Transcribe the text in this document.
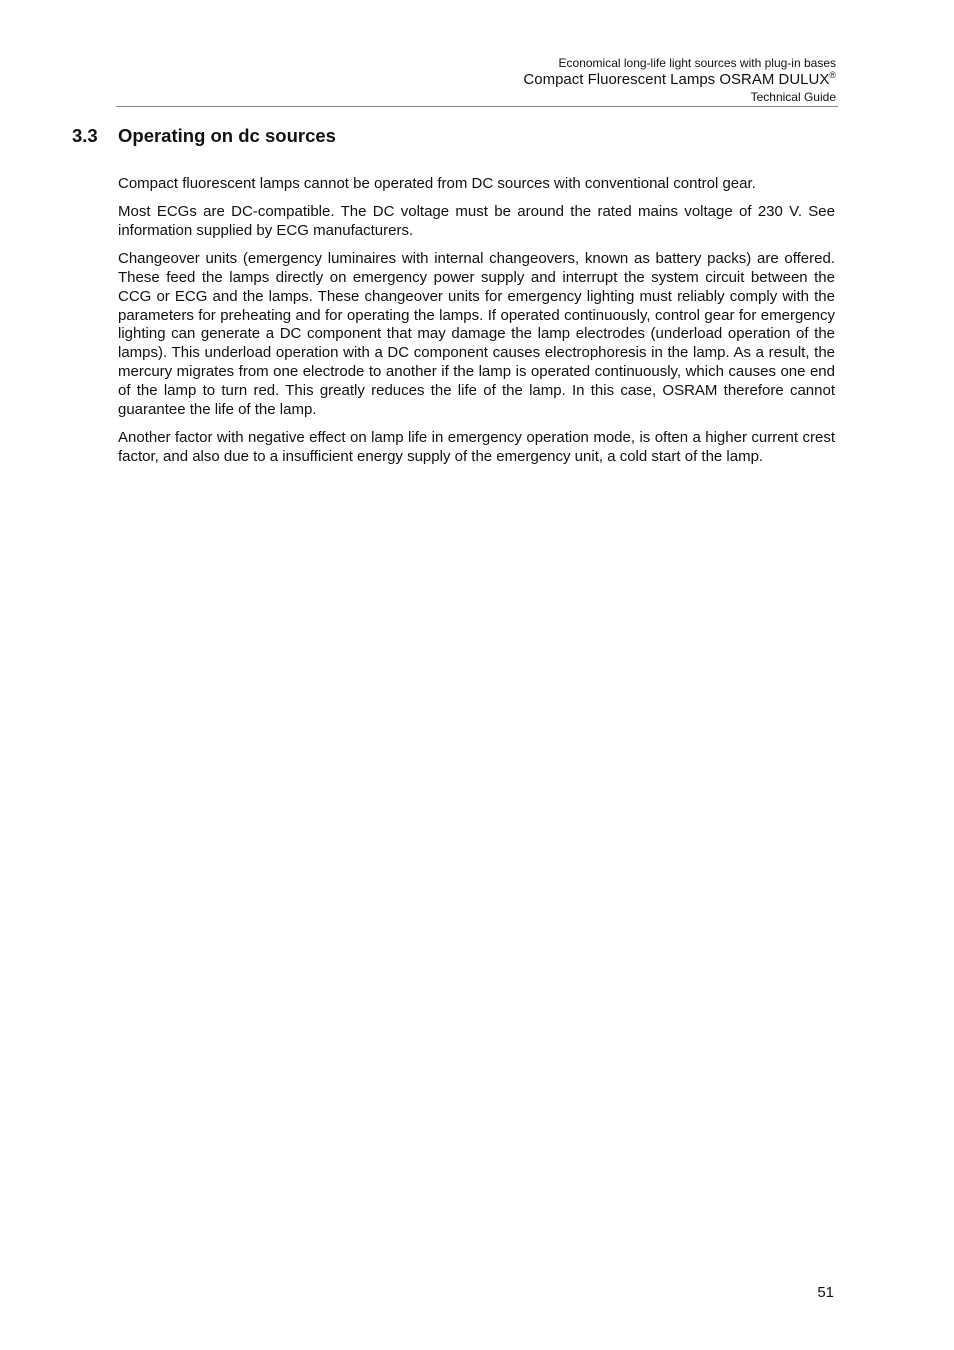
Economical long-life light sources with plug-in bases
Compact Fluorescent Lamps OSRAM DULUX®
Technical Guide
3.3 Operating on dc sources

Compact fluorescent lamps cannot be operated from DC sources with conventional control gear.

Most ECGs are DC-compatible. The DC voltage must be around the rated mains voltage of 230 V. See information supplied by ECG manufacturers.

Changeover units (emergency luminaires with internal changeovers, known as battery packs) are offered. These feed the lamps directly on emergency power supply and interrupt the system circuit between the CCG or ECG and the lamps. These changeover units for emergency lighting must reliably comply with the parameters for preheating and for operating the lamps. If operated continuously, control gear for emergency lighting can generate a DC component that may damage the lamp electrodes (underload operation of the lamps). This underload operation with a DC component causes electrophoresis in the lamp. As a result, the mercury migrates from one electrode to another if the lamp is operated continuously, which causes one end of the lamp to turn red. This greatly reduces the life of the lamp. In this case, OSRAM therefore cannot guarantee the life of the lamp.

Another factor with negative effect on lamp life in emergency operation mode, is often a higher current crest factor, and also due to a insufficient energy supply of the emergency unit, a cold start of the lamp.

51
